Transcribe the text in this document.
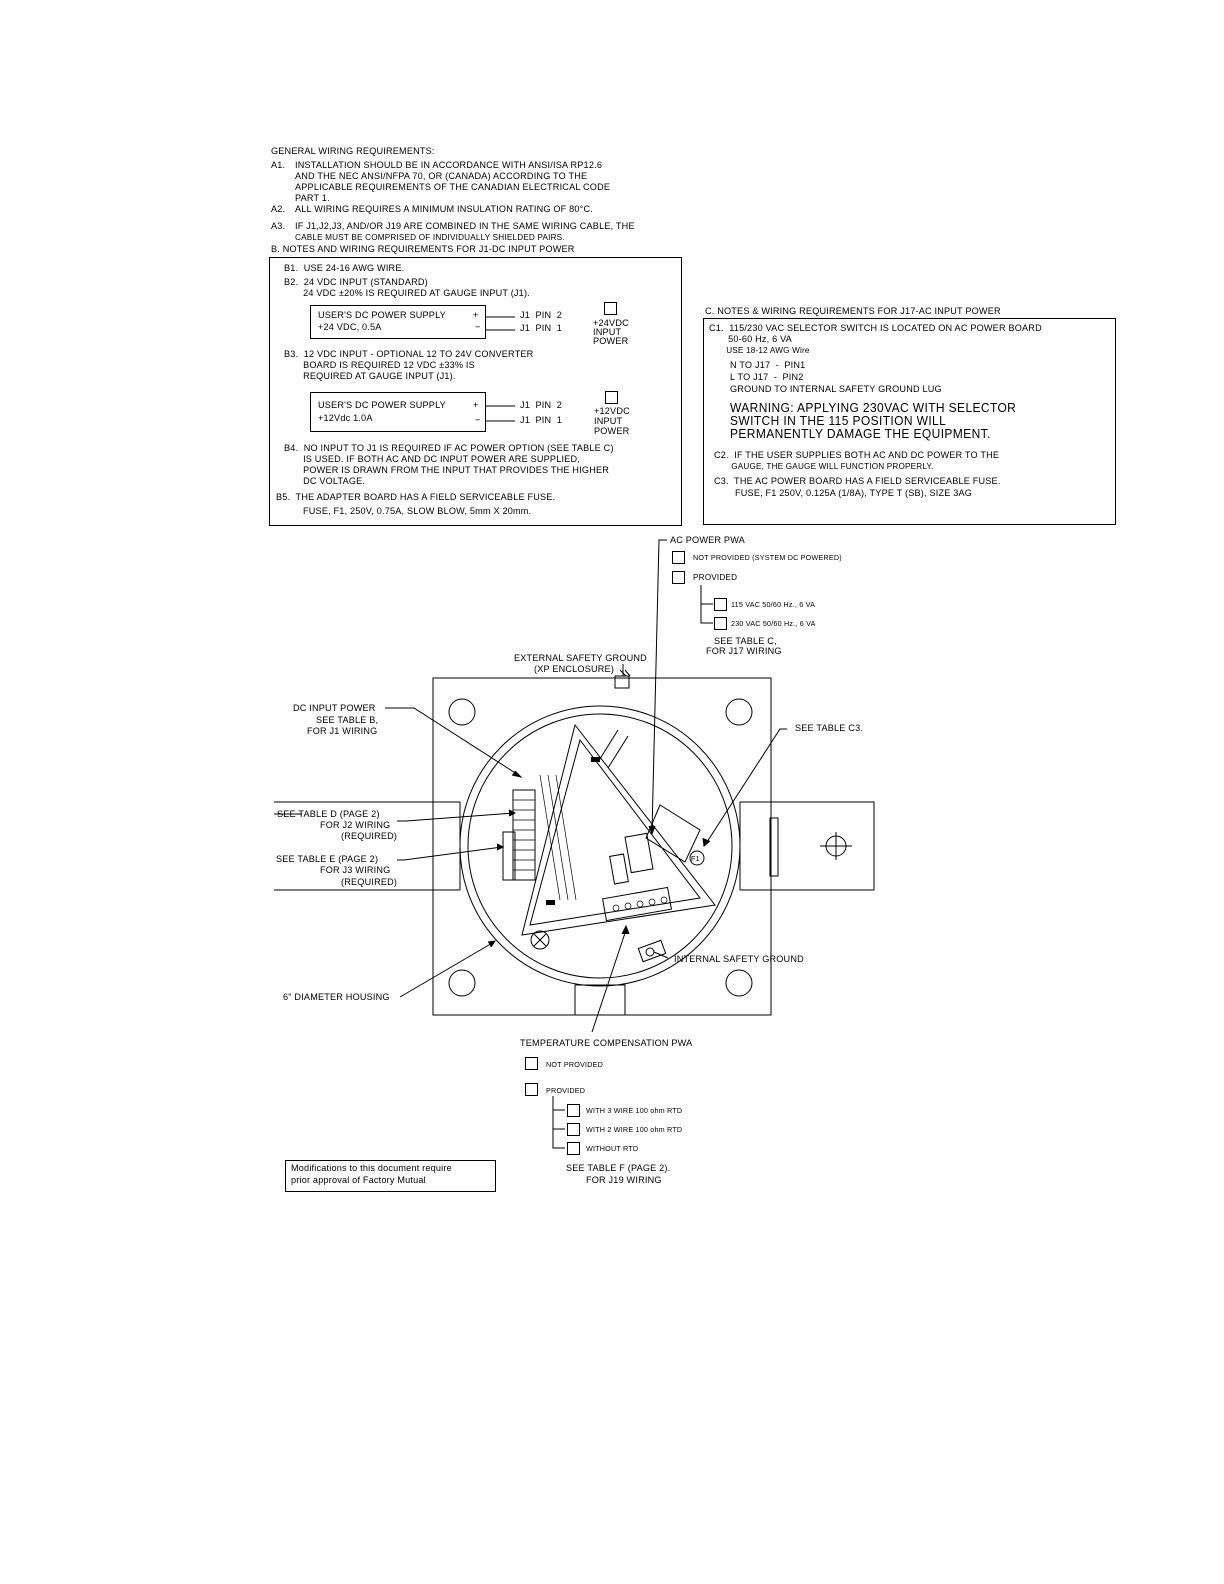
GENERAL WIRING REQUIREMENTS:
A1. INSTALLATION SHOULD BE IN ACCORDANCE WITH ANSI/ISA RP12.6
AND THE NEC ANSI/NFPA 70, OR (CANADA) ACCORDING TO THE
APPLICABLE REQUIREMENTS OF THE CANADIAN ELECTRICAL CODE
PART 1.
A2. ALL WIRING REQUIRES A MINIMUM INSULATION RATING OF 80°C.
A3. IF J1,J2,J3, AND/OR J19 ARE COMBINED IN THE SAME WIRING CABLE, THE
CABLE MUST BE COMPRISED OF INDIVIDUALLY SHIELDED PAIRS.
B. NOTES AND WIRING REQUIREMENTS FOR J1-DC INPUT POWER
B1.  USE 24-16 AWG WIRE.
B2.  24 VDC INPUT (STANDARD)
24 VDC ±20% IS REQUIRED AT GAUGE INPUT (J1).
USER'S DC POWER SUPPLY
+24 VDC, 0.5A
+
−
J1  PIN  2
J1  PIN  1	+24VDC
INPUT
POWER
B3.  12 VDC INPUT - OPTIONAL 12 TO 24V CONVERTER
BOARD IS REQUIRED 12 VDC ±33% IS
REQUIRED AT GAUGE INPUT (J1).
USER'S DC POWER SUPPLY
+12Vdc 1.0A
+
−
J1  PIN  2
J1  PIN  1
+12VDC
INPUT
POWER
B4.  NO INPUT TO J1 IS REQUIRED IF AC POWER OPTION (SEE TABLE C)
IS USED. IF BOTH AC AND DC INPUT POWER ARE SUPPLIED,
POWER IS DRAWN FROM THE INPUT THAT PROVIDES THE HIGHER
DC VOLTAGE.
B5.  THE ADAPTER BOARD HAS A FIELD SERVICEABLE FUSE.
FUSE, F1, 250V, 0.75A, SLOW BLOW, 5mm X 20mm.
C. NOTES & WIRING REQUIREMENTS FOR J17-AC INPUT POWER
C1.  115/230 VAC SELECTOR SWITCH IS LOCATED ON AC POWER BOARD
50-60 Hz, 6 VA
USE 18-12 AWG Wire
N TO J17  -  PIN1
L TO J17  -  PIN2
GROUND TO INTERNAL SAFETY GROUND LUG
WARNING: APPLYING 230VAC WITH SELECTOR
SWITCH IN THE 115 POSITION WILL
PERMANENTLY DAMAGE THE EQUIPMENT.
C2.  IF THE USER SUPPLIES BOTH AC AND DC POWER TO THE
GAUGE, THE GAUGE WILL FUNCTION PROPERLY.
C3.  THE AC POWER BOARD HAS A FIELD SERVICEABLE FUSE.
FUSE, F1 250V, 0.125A (1/8A), TYPE T (SB), SIZE 3AG
AC POWER PWA
NOT PROVIDED (SYSTEM DC POWERED)
PROVIDED
115 VAC 50/60 Hz., 6 VA
230 VAC 50/60 Hz., 6 VA
SEE TABLE C,
FOR J17 WIRING
EXTERNAL SAFETY GROUND
(XP ENCLOSURE)
DC INPUT POWER
SEE TABLE B,
FOR J1 WIRING	SEE TABLE C3.
SEE TABLE D (PAGE 2)
FOR J2 WIRING
(REQUIRED)
SEE TABLE E (PAGE 2)
FOR J3 WIRING
(REQUIRED)
INTERNAL SAFETY GROUND
6" DIAMETER HOUSING
F1
TEMPERATURE COMPENSATION PWA
NOT PROVIDED
PROVIDED
WITH 3 WIRE 100 ohm RTD
WITH 2 WIRE 100 ohm RTD
WITHOUT RTD
SEE TABLE F (PAGE 2).
FOR J19 WIRING
Modifications to this document require
prior approval of Factory Mutual
